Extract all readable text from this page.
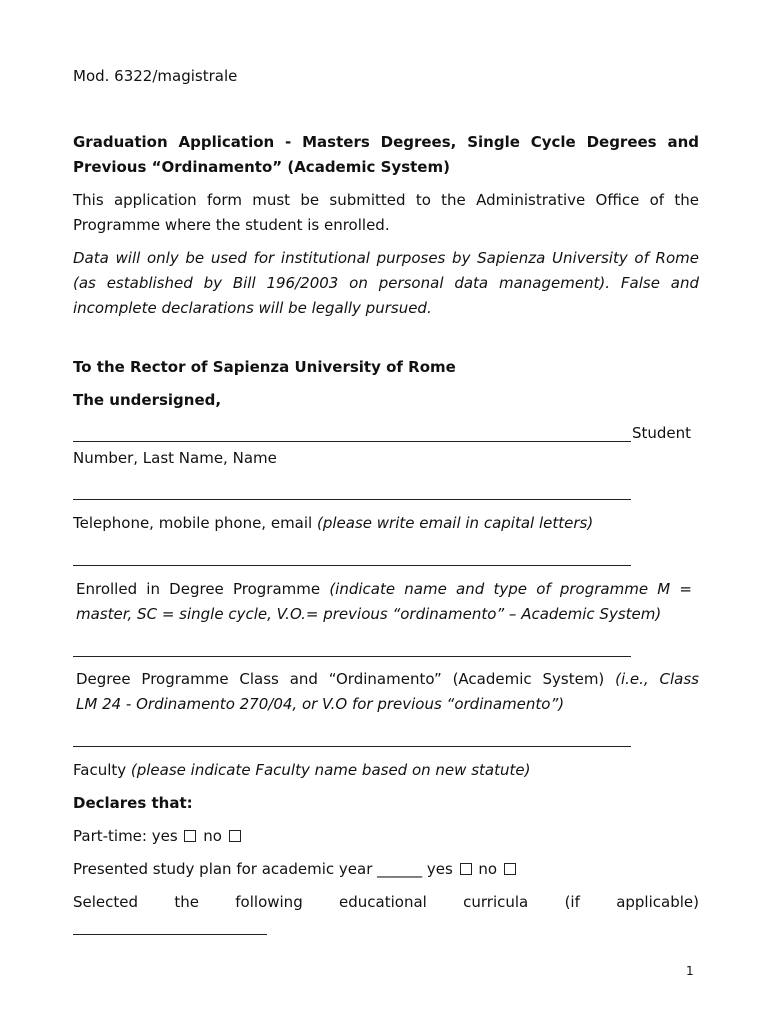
Mod. 6322/magistrale
Graduation Application - Masters Degrees, Single Cycle Degrees and
Previous “Ordinamento” (Academic System)
This application form must be submitted to the Administrative Office of the
Programme where the student is enrolled.
Data will only be used for institutional purposes by Sapienza University of Rome
(as established by Bill 196/2003 on personal data management). False and
incomplete declarations will be legally pursued.
To the Rector of Sapienza University of Rome
The undersigned,
Student
Number, Last Name, Name
Telephone, mobile phone, email (please write email in capital letters)
Enrolled in Degree Programme (indicate name and type of programme M =
master, SC = single cycle, V.O.= previous “ordinamento” – Academic System)
Degree Programme Class and “Ordinamento” (Academic System) (i.e., Class
LM 24 - Ordinamento 270/04, or V.O for previous “ordinamento”)
Faculty (please indicate Faculty name based on new statute)
Declares that:
Part-time: yes no
Presented study plan for academic year ______ yes no
Selected the following educational curricula (if applicable)
1
